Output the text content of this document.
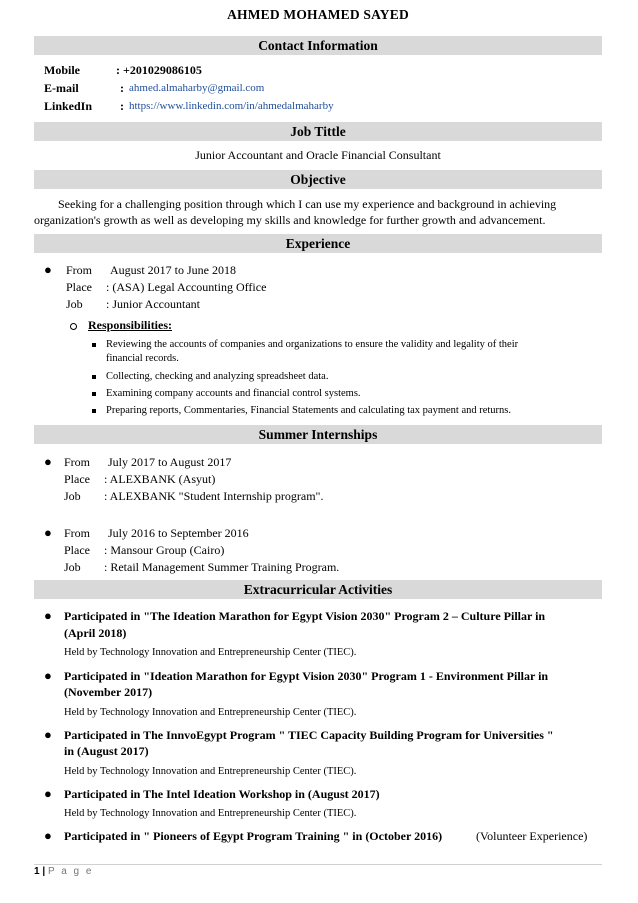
AHMED MOHAMED SAYED
Contact Information
Mobile	: +201029086105
E-mail	: ahmed.almaharby@gmail.com
LinkedIn : https://www.linkedin.com/in/ahmedalmaharby
Job Tittle
Junior Accountant and Oracle Financial Consultant
Objective
Seeking for a challenging position through which I can use my experience and background in achieving organization's growth as well as developing my skills and knowledge for further growth and advancement.
Experience
● From August 2017 to June 2018
Place : (ASA) Legal Accounting Office
Job : Junior Accountant
Responsibilities:
Reviewing the accounts of companies and organizations to ensure the validity and legality of their
financial records.
Collecting, checking and analyzing spreadsheet data.
Examining company accounts and financial control systems.
Preparing reports, Commentaries, Financial Statements and calculating tax payment and returns.
Summer Internships
● From July 2017 to August 2017
Place : ALEXBANK (Asyut)
Job : ALEXBANK "Student Internship program".
● From July 2016 to September 2016
Place : Mansour Group (Cairo)
Job : Retail Management Summer Training Program.
Extracurricular Activities
● Participated in "The Ideation Marathon for Egypt Vision 2030" Program 2 – Culture Pillar in
(April 2018)
Held by Technology Innovation and Entrepreneurship Center (TIEC).
● Participated in "Ideation Marathon for Egypt Vision 2030" Program 1 - Environment Pillar in
(November 2017)
Held by Technology Innovation and Entrepreneurship Center (TIEC).
● Participated in The InnvoEgypt Program " TIEC Capacity Building Program for Universities "
in (August 2017)
Held by Technology Innovation and Entrepreneurship Center (TIEC).
● Participated in The Intel Ideation Workshop in (August 2017)
Held by Technology Innovation and Entrepreneurship Center (TIEC).
● Participated in " Pioneers of Egypt Program Training " in (October 2016)	(Volunteer Experience)
1 | P a g e
